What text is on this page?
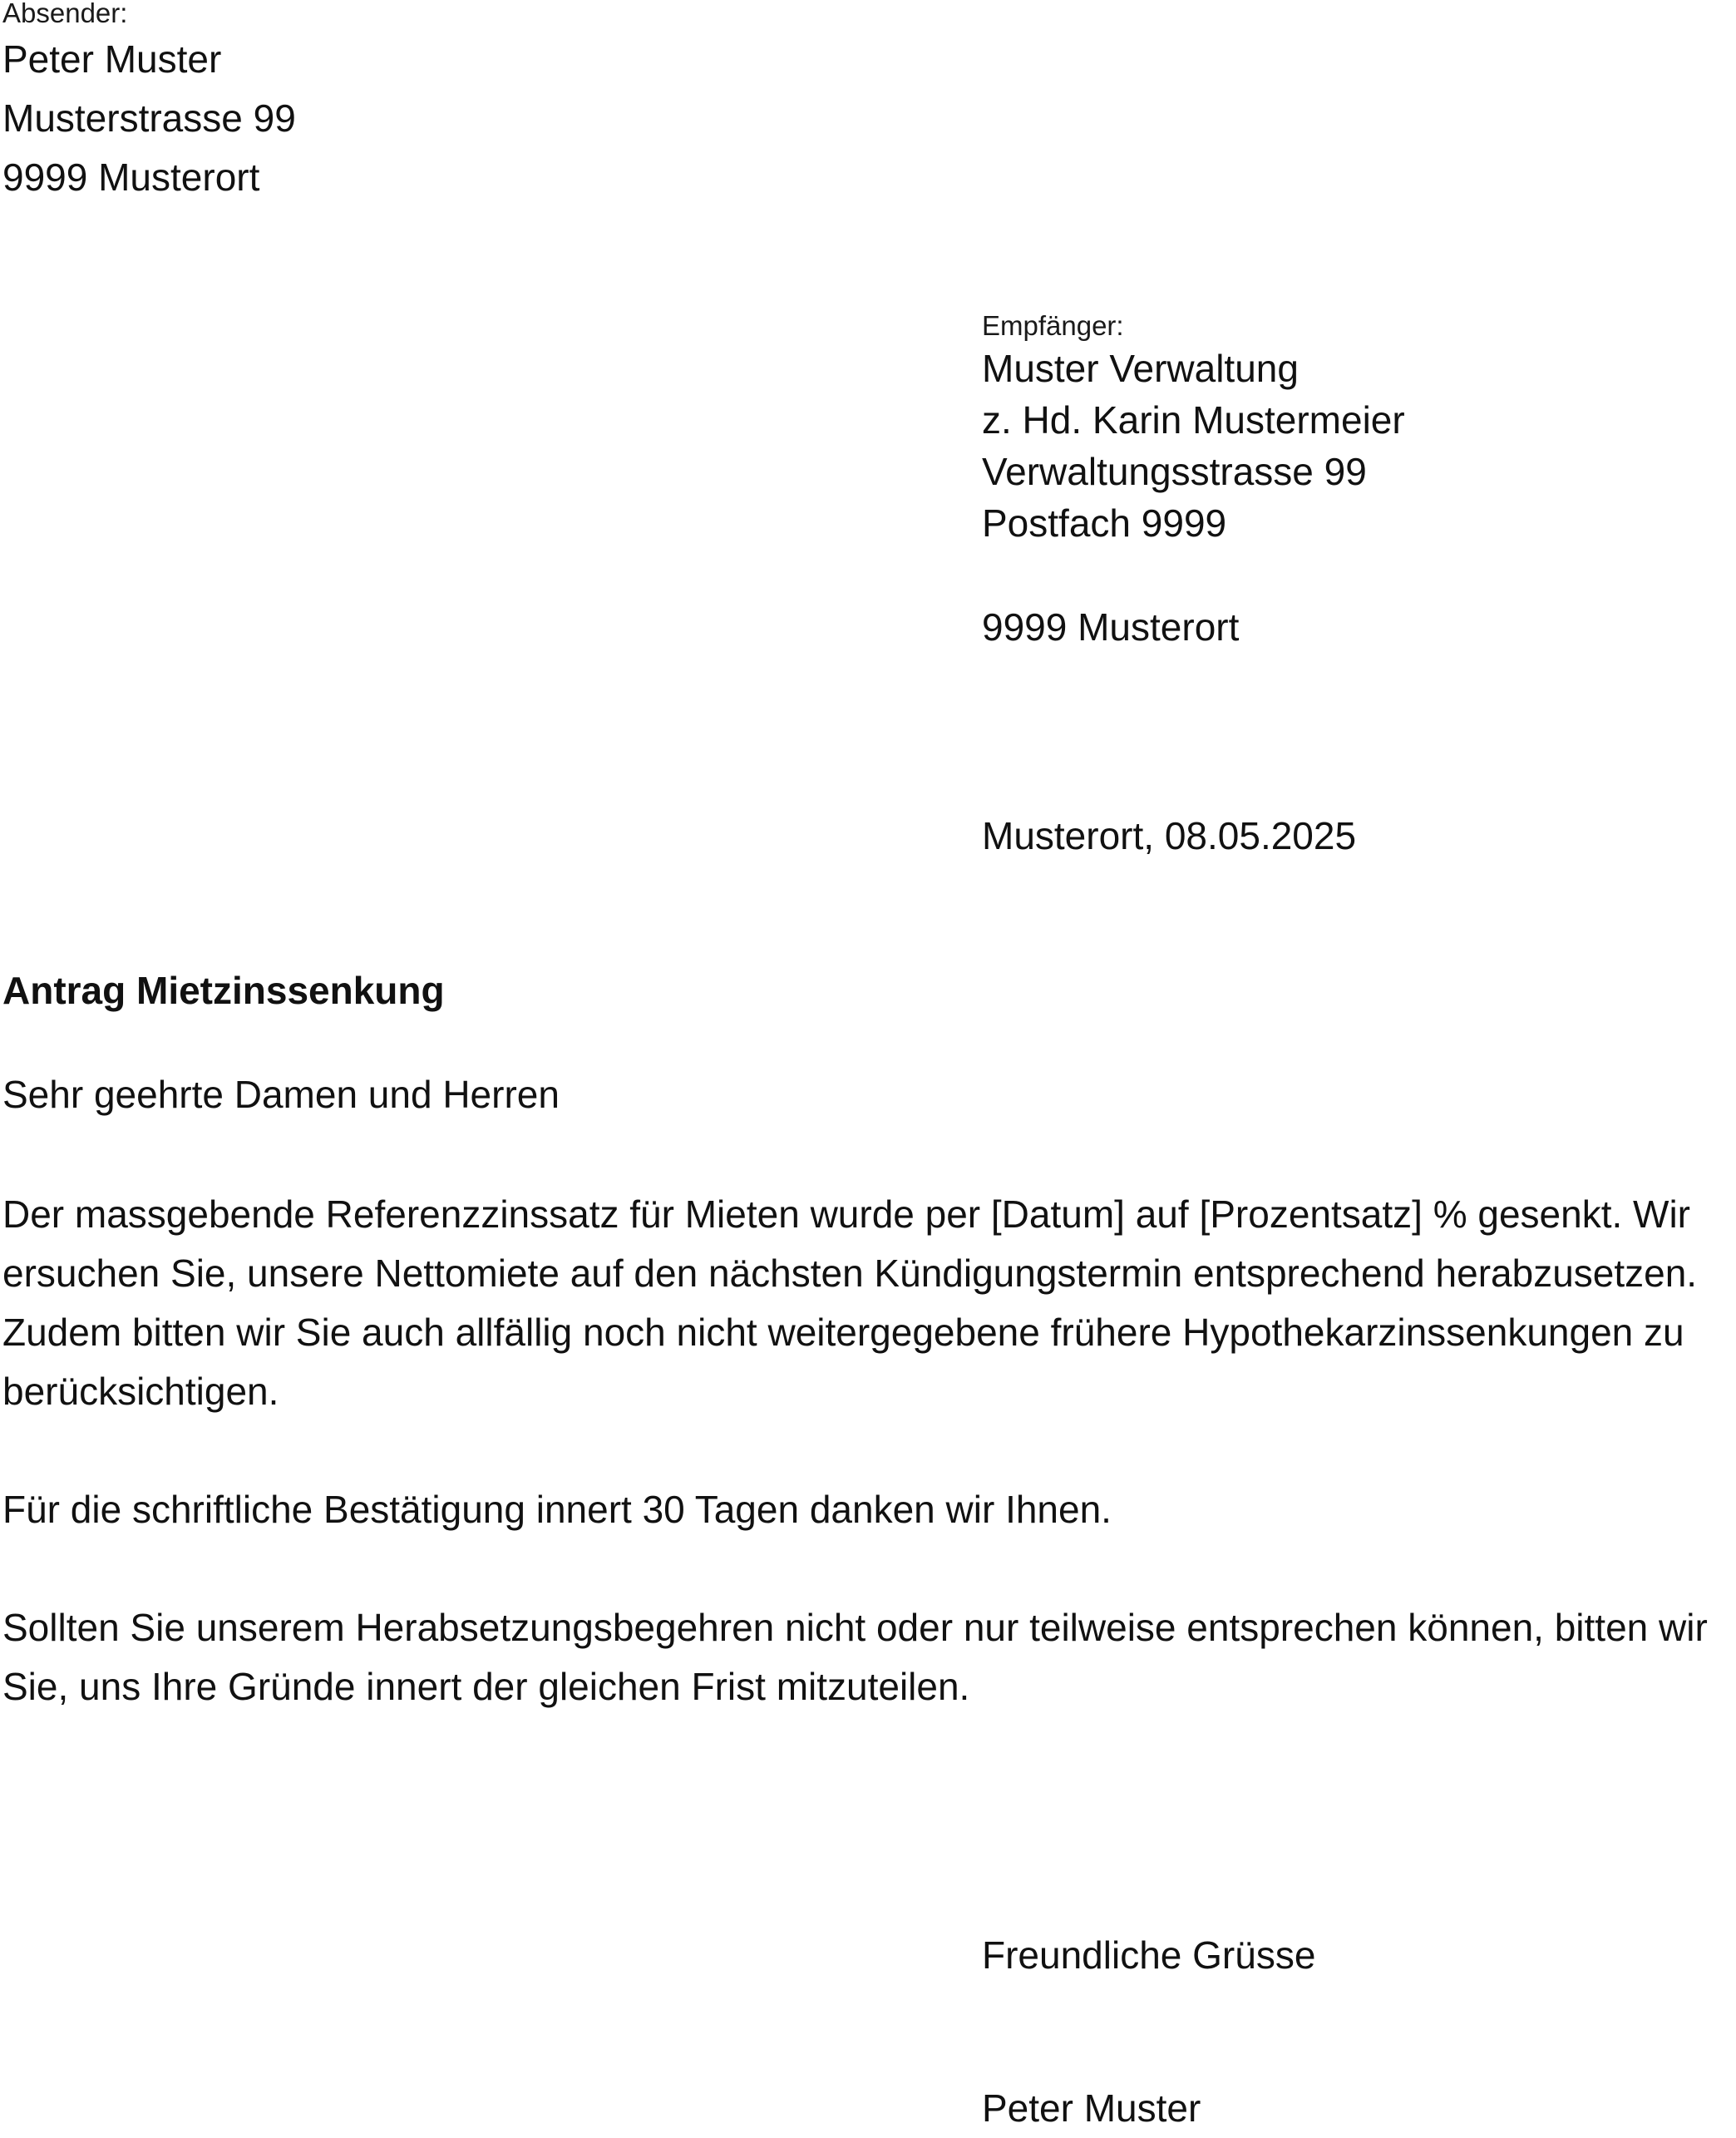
Absender:
Peter Muster
Musterstrasse 99
9999 Musterort
Empfänger:
Muster Verwaltung
z. Hd. Karin Mustermeier
Verwaltungsstrasse 99
Postfach 9999
9999 Musterort
Musterort, 08.05.2025
Antrag Mietzinssenkung
Sehr geehrte Damen und Herren
Der massgebende Referenzzinssatz für Mieten wurde per [Datum] auf [Prozentsatz] % gesenkt. Wir
ersuchen Sie, unsere Nettomiete auf den nächsten Kündigungstermin entsprechend herabzusetzen.
Zudem bitten wir Sie auch allfällig noch nicht weitergegebene frühere Hypothekarzinssenkungen zu
berücksichtigen.
Für die schriftliche Bestätigung innert 30 Tagen danken wir Ihnen.
Sollten Sie unserem Herabsetzungsbegehren nicht oder nur teilweise entsprechen können, bitten wir
Sie, uns Ihre Gründe innert der gleichen Frist mitzuteilen.
Freundliche Grüsse
Peter Muster
